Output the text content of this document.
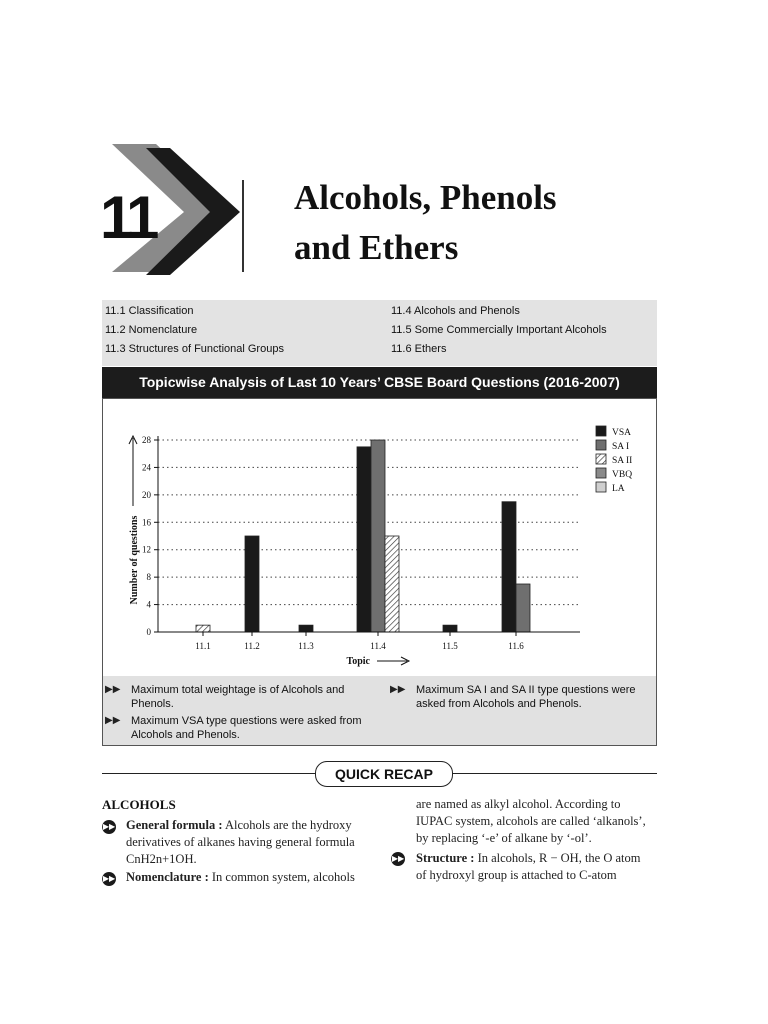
11	Alcohols, Phenols
and Ethers
11.1 Classification
11.2 Nomenclature
11.3 Structures of Functional Groups
11.4 Alcohols and Phenols
11.5 Some Commercially Important Alcohols
11.6 Ethers
Topicwise Analysis of Last 10 Years’ CBSE Board Questions (2016-2007)
0
4
8
12
16
20
24
28
11.1	11.2	11.3	11.4	11.5	11.6
VSA
SA I
SA II
VBQ
LA
Number of questions
Topic
▶▶ Maximum total weightage is of Alcohols and Phenols.
▶▶ Maximum VSA type questions were asked from Alcohols and Phenols.
▶▶ Maximum SA I and SA II type questions were asked from Alcohols and Phenols.
QUICK RECAP
ALCOHOLS
▶▶ General formula : Alcohols are the hydroxy
derivatives of alkanes having general formula
CnH2n+1OH.
▶▶ Nomenclature : In common system, alcohols
are named as alkyl alcohol. According to
IUPAC system, alcohols are called ‘alkanols’,
by replacing ‘-e’ of alkane by ‘-ol’.
▶▶ Structure : In alcohols, R − OH, the O atom
of hydroxyl group is attached to C-atom
